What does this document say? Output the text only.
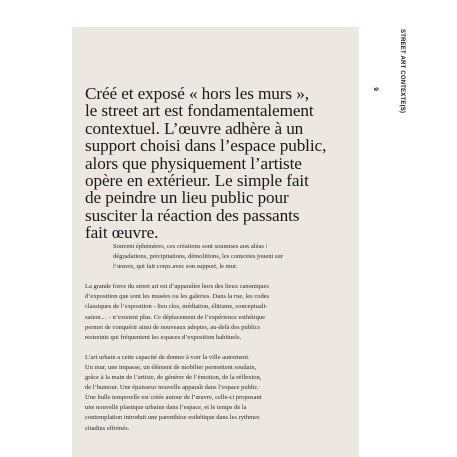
STREET ART CONTEXTE(S)
9
Créé et exposé « hors les murs »,
le street art est fondamentalement
contextuel. L’œuvre adhère à un
support choisi dans l’espace public,
alors que physiquement l’artiste
opère en extérieur. Le simple fait
de peindre un lieu public pour
susciter la réaction des passants
fait œuvre.

Souvent éphémères, ces créations sont soumises aux aléas :
dégradations, précipitations, démolitions, les contextes jouent sur
l’œuvre, qui fait corps avec son support, le mur.

La grande force du street art est d’apparaître hors des lieux canoniques
d’exposition que sont les musées ou les galeries. Dans la rue, les codes
classiques de l’exposition - lieu clos, médiation, élitisme, conceptuali-
sation… - n’existent plus. Ce déplacement de l’expérience esthétique
permet de conquérir ainsi de nouveaux adeptes, au-delà des publics
restreints qui fréquentent les espaces d’exposition habituels.

L’art urbain a cette capacité de donner à voir la ville autrement.
Un mur, une impasse, un élément de mobilier permettent soudain,
grâce à la main de l’artiste, de générer de l’émotion, de la réflexion,
de l’humour. Une épaisseur nouvelle apparaît dans l’espace public.
Une bulle temporelle est créée autour de l’œuvre, celle-ci proposant
une nouvelle plastique urbaine dans l’espace, et le temps de la
contemplation introduit une parenthèse esthétique dans les rythmes
citadins effrénés.
